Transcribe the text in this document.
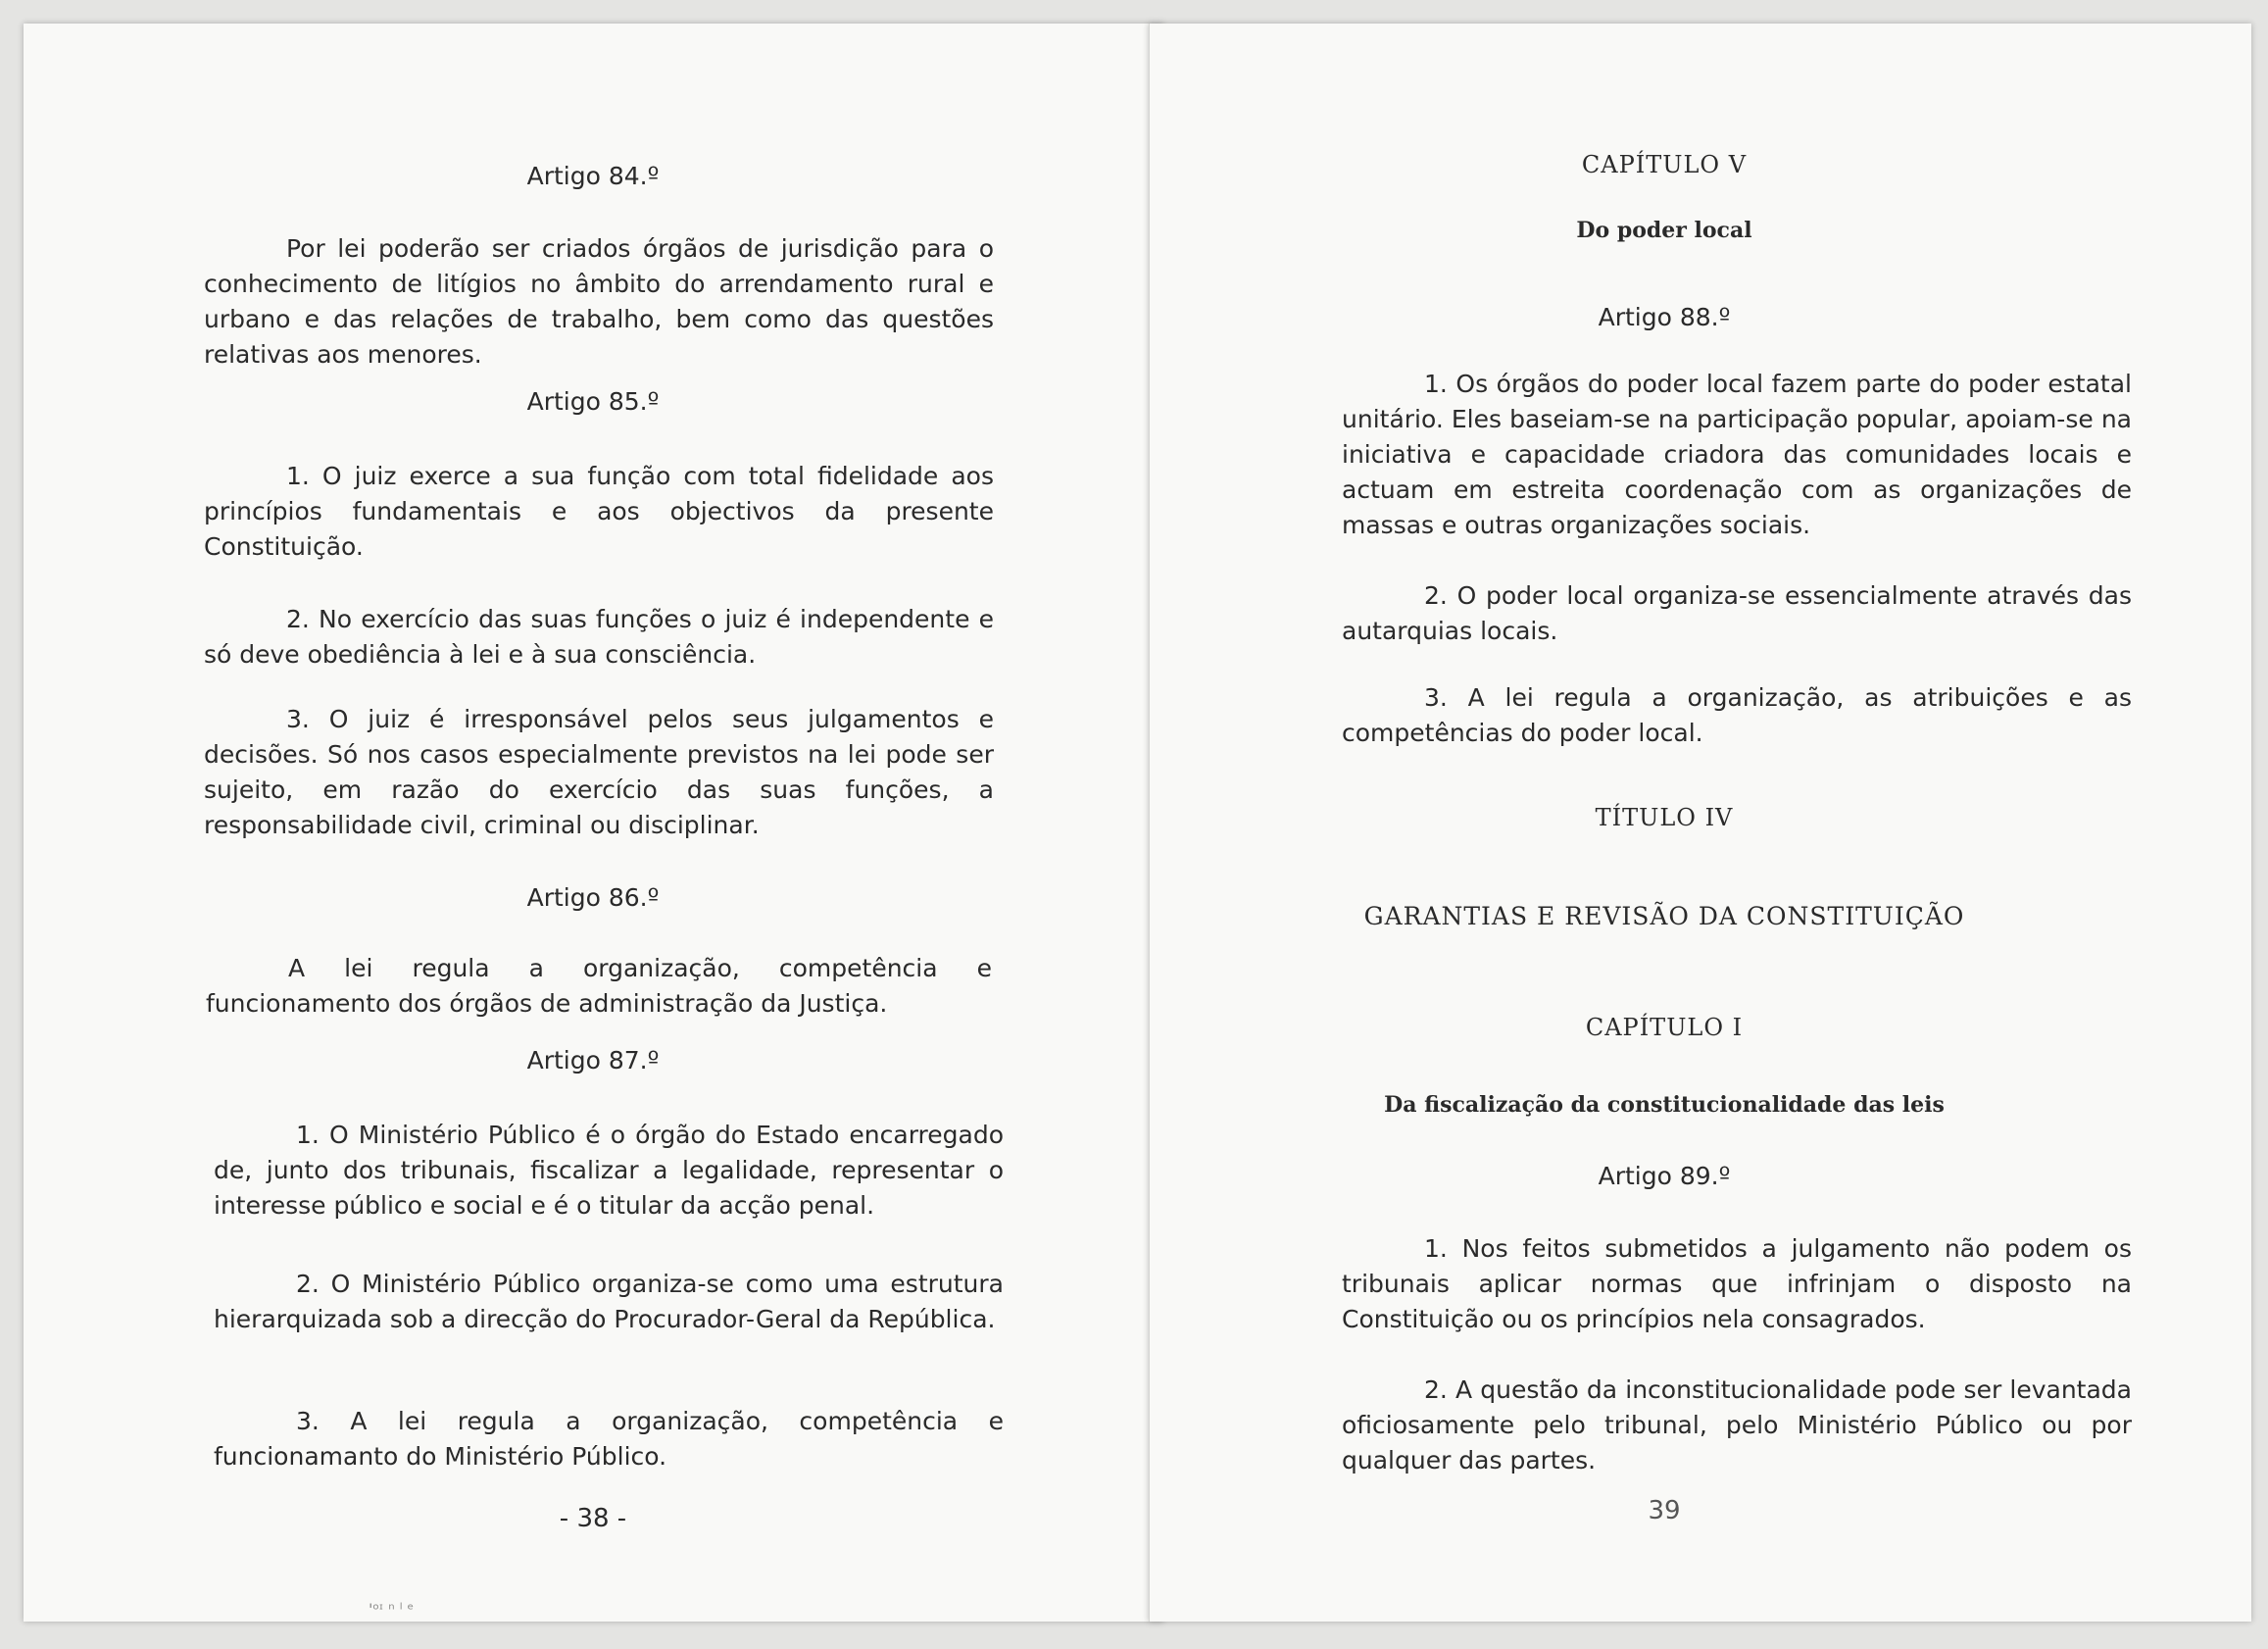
Artigo 84.º

Por lei poderão ser criados órgãos de jurisdição para o conhecimento de litígios no âmbito do arrendamento rural e urbano e das relações de trabalho, bem como das questões relativas aos menores.

Artigo 85.º

1. O juiz exerce a sua função com total fidelidade aos princípios fundamentais e aos objectivos da presente Constituição.

2. No exercício das suas funções o juiz é independente e só deve obediência à lei e à sua consciência.

3. O juiz é irresponsável pelos seus julgamentos e decisões. Só nos casos especialmente previstos na lei pode ser sujeito, em razão do exercício das suas funções, a responsabilidade civil, criminal ou disciplinar.

Artigo 86.º

A lei regula a organização, competência e funcionamento dos órgãos de administração da Justiça.

Artigo 87.º

1. O Ministério Público é o órgão do Estado encarregado de, junto dos tribunais, fiscalizar a legalidade, representar o interesse público e social e é o titular da acção penal.

2. O Ministério Público organiza-se como uma estrutura hierarquizada sob a direcção do Procurador-Geral da República.

3. A lei regula a organização, competência e funcionamanto do Ministério Público.

- 38 -

'ᵒᶦ ⁿ ˡ ᵉ

CAPÍTULO V

Do poder local

Artigo 88.º

1. Os órgãos do poder local fazem parte do poder estatal unitário. Eles baseiam-se na participação popular, apoiam-se na iniciativa e capacidade criadora das comunidades locais e actuam em estreita coordenação com as organizações de massas e outras organizações sociais.

2. O poder local organiza-se essencialmente através das autarquias locais.

3. A lei regula a organização, as atribuições e as competências do poder local.

TÍTULO IV

GARANTIAS E REVISÃO DA CONSTITUIÇÃO

CAPÍTULO I

Da fiscalização da constitucionalidade das leis

Artigo 89.º

1. Nos feitos submetidos a julgamento não podem os tribunais aplicar normas que infrinjam o disposto na Constituição ou os princípios nela consagrados.

2. A questão da inconstitucionalidade pode ser levantada oficiosamente pelo tribunal, pelo Ministério Público ou por qualquer das partes.

39
